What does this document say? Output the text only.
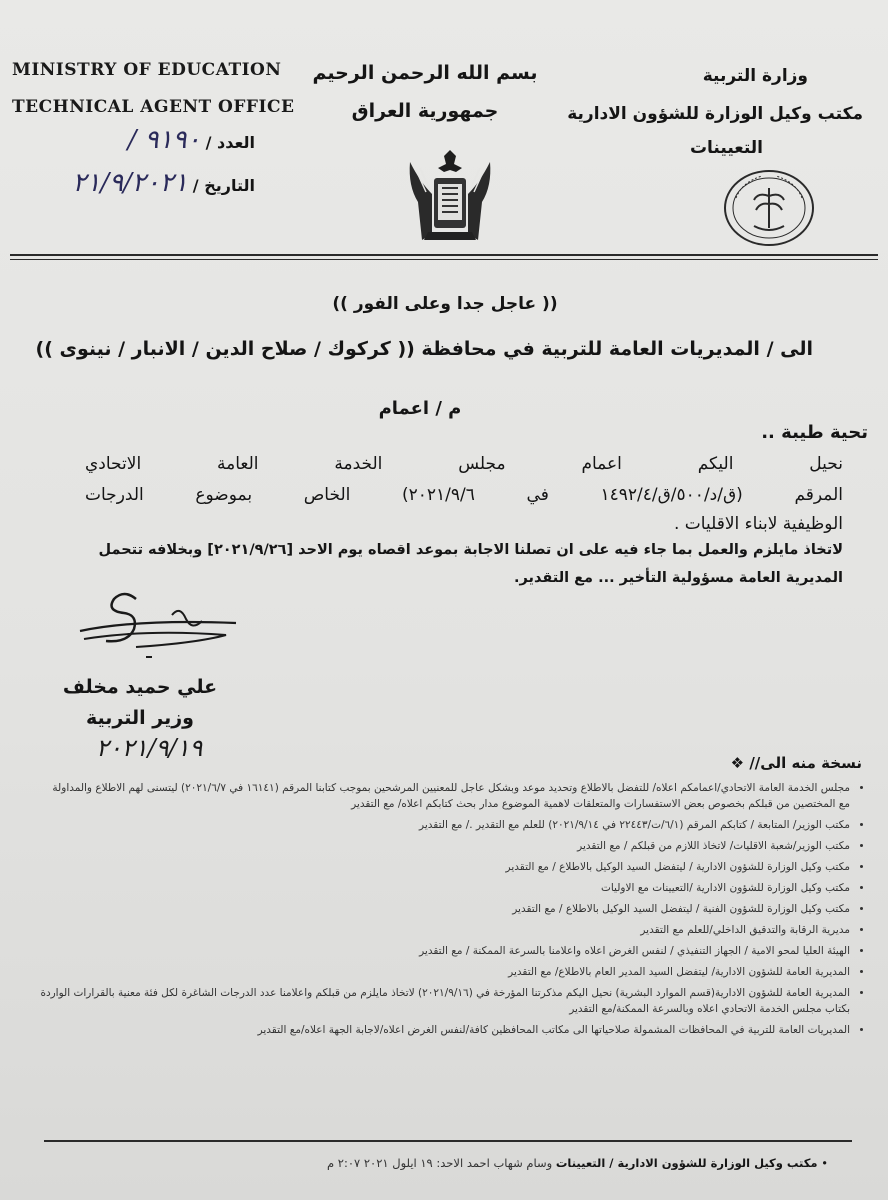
MINISTRY OF EDUCATION
TECHNICAL AGENT OFFICE
العدد / ٩١٩٠ /
التاريخ / ٢١/٩/٢٠٢١
بسم الله الرحمن الرحيم
جمهورية العراق
وزارة التربية
مكتب وكيل الوزارة للشؤون الادارية
التعيينات
(( عاجل جدا وعلى الفور ))
الى / المديريات العامة للتربية في محافظة (( كركوك / صلاح الدين / الانبار / نينوى ))
م / اعمام
تحية طيبة ..
نحيل اليكم اعمام مجلس الخدمة العامة الاتحادي
المرقم (ق/د/٥٠٠/ق/١٤٩٢/٤ في ٢٠٢١/٩/٦) الخاص بموضوع الدرجات
الوظيفية لابناء الاقليات .
لاتخاذ مايلزم والعمل بما جاء فيه على ان تصلنا الاجابة بموعد اقصاه يوم الاحد [٢٠٢١/٩/٢٦] وبخلافه تتحمل
المديرية العامة مسؤولية التأخير ... مع التقدير.
علي حميد مخلف
وزير التربية
٢٠٢١/٩/١٩
نسخة منه الى// ❖
• مجلس الخدمة العامة الاتحادي/اعمامكم اعلاه/ للتفضل بالاطلاع وتحديد موعد وبشكل عاجل للمعنيين المرشحين بموجب كتابنا المرقم (١٦١٤١ في ٢٠٢١/٦/٧) ليتسنى لهم الاطلاع والمداولة مع المختصين من قبلكم بخصوص بعض الاستفسارات والمتعلقات لاهمية الموضوع مدار بحث كتابكم اعلاه/ مع التقدير
• مكتب الوزير/ المتابعة / كتابكم المرقم (٦/١/ت/٢٢٤٤٣ في ٢٠٢١/٩/١٤) للعلم مع التقدير ./ مع التقدير
• مكتب الوزير/شعبة الاقليات/ لاتخاذ اللازم من قبلكم / مع التقدير
• مكتب وكيل الوزارة للشؤون الادارية / ليتفضل السيد الوكيل بالاطلاع / مع التقدير
• مكتب وكيل الوزارة للشؤون الادارية /التعيينات مع الاوليات
• مكتب وكيل الوزارة للشؤون الفنية / ليتفضل السيد الوكيل بالاطلاع / مع التقدير
• مديرية الرقابة والتدقيق الداخلي/للعلم مع التقدير
• الهيئة العليا لمحو الامية / الجهاز التنفيذي / لنفس الغرض اعلاه واعلامنا بالسرعة الممكنة / مع التقدير
• المديرية العامة للشؤون الادارية/ ليتفضل السيد المدير العام بالاطلاع/ مع التقدير
• المديرية العامة للشؤون الادارية(قسم الموارد البشرية) نحيل اليكم مذكرتنا المؤرخة في (٢٠٢١/٩/١٦) لاتخاذ مايلزم من قبلكم واعلامنا عدد الدرجات الشاغرة لكل فئة معنية بالقرارات الواردة بكتاب مجلس الخدمة الاتحادي اعلاه وبالسرعة الممكنة/مع التقدير
• المديريات العامة للتربية في المحافظات المشمولة صلاحياتها الى مكاتب المحافظين كافة/لنفس الغرض اعلاه/لاجابة الجهة اعلاه/مع التقدير
• مكتب وكيل الوزارة للشؤون الادارية / التعيينات وسام شهاب احمد الاحد: ١٩ ايلول ٢٠٢١ ٢:٠٧ م
